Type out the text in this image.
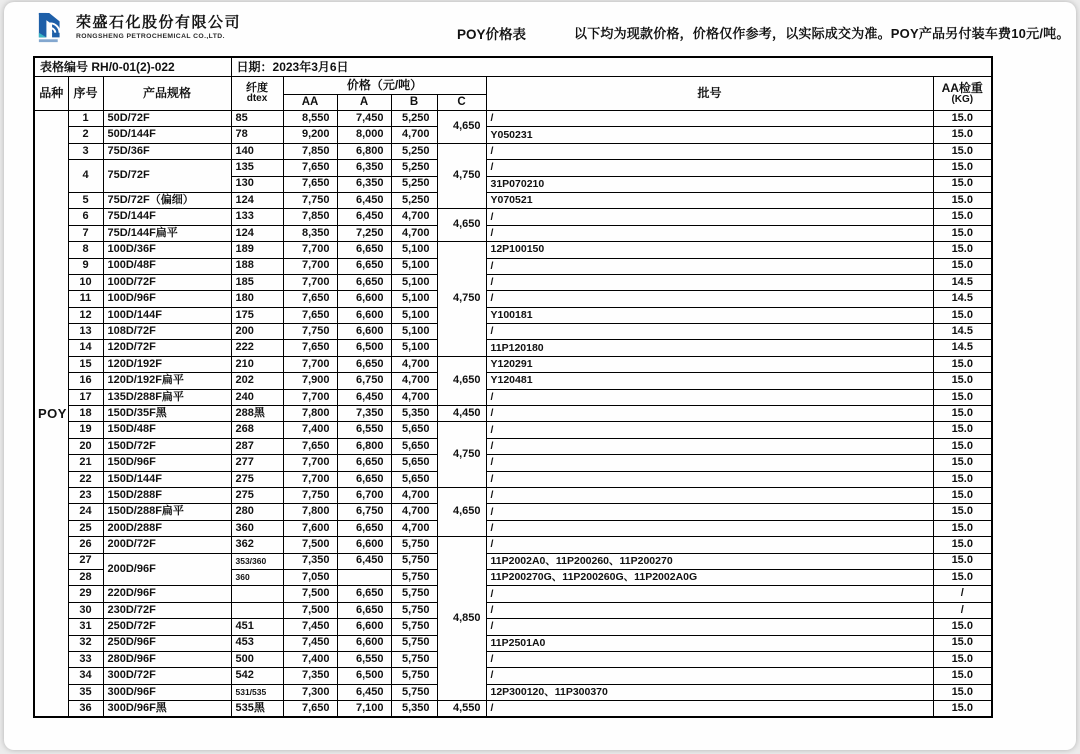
荣盛石化股份有限公司
RONGSHENG PETROCHEMICAL CO.,LTD.	POY价格表	以下均为现款价格，价格仅作参考，以实际成交为准。POY产品另付装车费10元/吨。
表格编号 RH/0-01(2)-022			日期：2023年3月6日						
品种	序号	产品规格	纤度
dtex	价格（元/吨）				批号	AA检重
(KG)

				AA	A	B	C		
POY	1	50D/72F	85	8,550	7,450	5,250	4,650	/	15.0
	2	50D/144F	78	9,200	8,000	4,700		Y050231	15.0
	3	75D/36F	140	7,850	6,800	5,250	4,750	/	15.0
	4	75D/72F	135	7,650	6,350	5,250		/	15.0
			130	7,650	6,350	5,250		31P070210	15.0
	5	75D/72F（偏细）	124	7,750	6,450	5,250		Y070521	15.0
	6	75D/144F	133	7,850	6,450	4,700	4,650	/	15.0
	7	75D/144F扁平	124	8,350	7,250	4,700		/	15.0
	8	100D/36F	189	7,700	6,650	5,100	4,750	12P100150	15.0
	9	100D/48F	188	7,700	6,650	5,100		/	15.0
	10	100D/72F	185	7,700	6,650	5,100		/	14.5
	11	100D/96F	180	7,650	6,600	5,100		/	14.5
	12	100D/144F	175	7,650	6,600	5,100		Y100181	15.0
	13	108D/72F	200	7,750	6,600	5,100		/	14.5
	14	120D/72F	222	7,650	6,500	5,100		11P120180	14.5
	15	120D/192F	210	7,700	6,650	4,700	4,650	Y120291	15.0
	16	120D/192F扁平	202	7,900	6,750	4,700		Y120481	15.0
	17	135D/288F扁平	240	7,700	6,450	4,700		/	15.0
	18	150D/35F黑	288黑	7,800	7,350	5,350	4,450	/	15.0
	19	150D/48F	268	7,400	6,550	5,650	4,750	/	15.0
	20	150D/72F	287	7,650	6,800	5,650		/	15.0
	21	150D/96F	277	7,700	6,650	5,650		/	15.0
	22	150D/144F	275	7,700	6,650	5,650		/	15.0
	23	150D/288F	275	7,750	6,700	4,700	4,650	/	15.0
	24	150D/288F扁平	280	7,800	6,750	4,700		/	15.0
	25	200D/288F	360	7,600	6,650	4,700		/	15.0
	26	200D/72F	362	7,500	6,600	5,750	4,850	/	15.0
	27	200D/96F	353/360	7,350	6,450	5,750		11P2002A0、11P200260、11P200270	15.0
	28		360	7,050		5,750		11P200270G、11P200260G、11P2002A0G	15.0
	29	220D/96F		7,500	6,650	5,750		/	/
	30	230D/72F		7,500	6,650	5,750		/	/
	31	250D/72F	451	7,450	6,600	5,750		/	15.0
	32	250D/96F	453	7,450	6,600	5,750		11P2501A0	15.0
	33	280D/96F	500	7,400	6,550	5,750		/	15.0
	34	300D/72F	542	7,350	6,500	5,750		/	15.0
	35	300D/96F	531/535	7,300	6,450	5,750		12P300120、11P300370	15.0
	36	300D/96F黑	535黑	7,650	7,100	5,350	4,550	/	15.0
